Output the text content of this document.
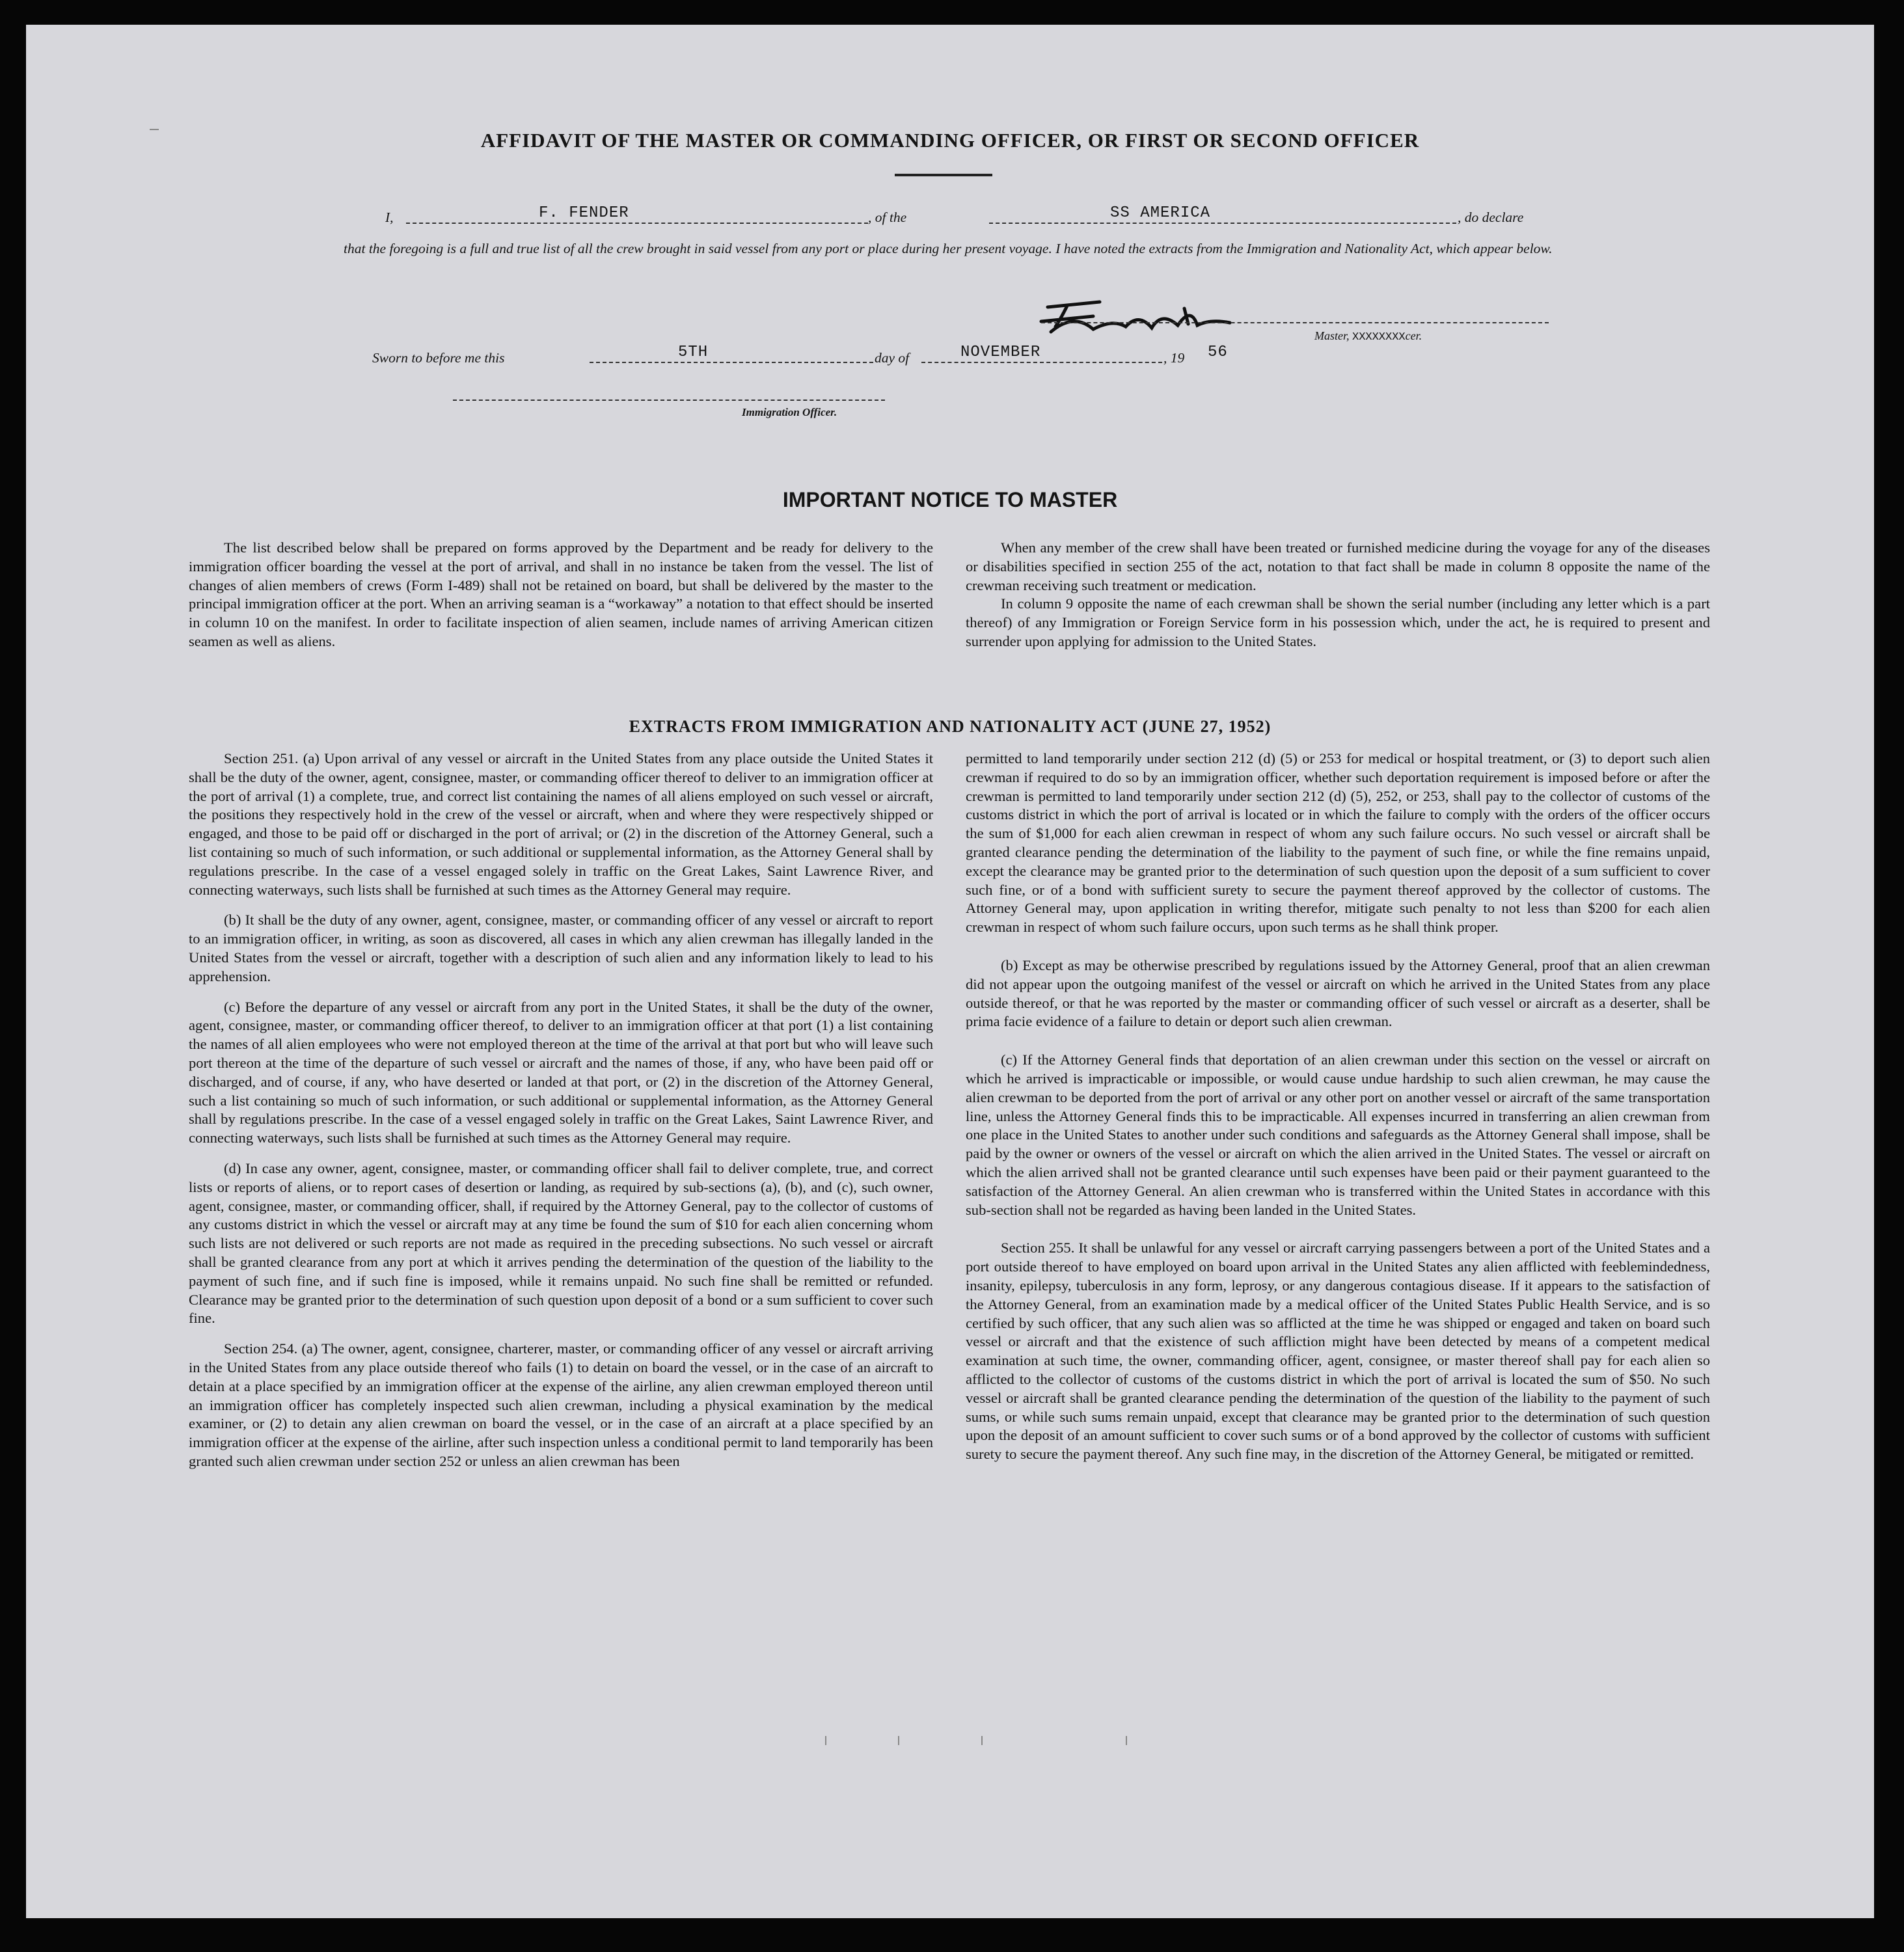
AFFIDAVIT OF THE MASTER OR COMMANDING OFFICER, OR FIRST OR SECOND OFFICER
I,	F. FENDER	, of the	SS AMERICA	, do declare
that the foregoing is a full and true list of all the crew brought in said vessel from any port or place during her present voyage. I have noted the extracts from the Immigration and Nationality Act, which appear below.
Master, XXXXXXXXcer.
Sworn to before me this	5TH	day of	NOVEMBER	, 19 56
Immigration Officer.
IMPORTANT NOTICE TO MASTER

The list described below shall be prepared on forms approved by the Department and be ready for delivery to the immigration officer boarding the vessel at the port of arrival, and shall in no instance be taken from the vessel. The list of changes of alien members of crews (Form I-489) shall not be retained on board, but shall be delivered by the master to the principal immigration officer at the port. When an arriving seaman is a “workaway” a notation to that effect should be inserted in column 10 on the manifest. In order to facilitate inspection of alien seamen, include names of arriving American citizen seamen as well as aliens.

When any member of the crew shall have been treated or furnished medicine during the voyage for any of the diseases or disabilities specified in section 255 of the act, notation to that fact shall be made in column 8 opposite the name of the crewman receiving such treatment or medication.

In column 9 opposite the name of each crewman shall be shown the serial number (including any letter which is a part thereof) of any Immigration or Foreign Service form in his possession which, under the act, he is required to present and surrender upon applying for admission to the United States.

EXTRACTS FROM IMMIGRATION AND NATIONALITY ACT (JUNE 27, 1952)

Section 251. (a) Upon arrival of any vessel or aircraft in the United States from any place outside the United States it shall be the duty of the owner, agent, consignee, master, or commanding officer thereof to deliver to an immigration officer at the port of arrival (1) a complete, true, and correct list containing the names of all aliens employed on such vessel or aircraft, the positions they respectively hold in the crew of the vessel or aircraft, when and where they were respectively shipped or engaged, and those to be paid off or discharged in the port of arrival; or (2) in the discretion of the Attorney General, such a list containing so much of such information, or such additional or supplemental information, as the Attorney General shall by regulations prescribe. In the case of a vessel engaged solely in traffic on the Great Lakes, Saint Lawrence River, and connecting waterways, such lists shall be furnished at such times as the Attorney General may require.

(b) It shall be the duty of any owner, agent, consignee, master, or commanding officer of any vessel or aircraft to report to an immigration officer, in writing, as soon as discovered, all cases in which any alien crewman has illegally landed in the United States from the vessel or aircraft, together with a description of such alien and any information likely to lead to his apprehension.

(c) Before the departure of any vessel or aircraft from any port in the United States, it shall be the duty of the owner, agent, consignee, master, or commanding officer thereof, to deliver to an immigration officer at that port (1) a list containing the names of all alien employees who were not employed thereon at the time of the arrival at that port but who will leave such port thereon at the time of the departure of such vessel or aircraft and the names of those, if any, who have been paid off or discharged, and of course, if any, who have deserted or landed at that port, or (2) in the discretion of the Attorney General, such a list containing so much of such information, or such additional or supplemental information, as the Attorney General shall by regulations prescribe. In the case of a vessel engaged solely in traffic on the Great Lakes, Saint Lawrence River, and connecting waterways, such lists shall be furnished at such times as the Attorney General may require.

(d) In case any owner, agent, consignee, master, or commanding officer shall fail to deliver complete, true, and correct lists or reports of aliens, or to report cases of desertion or landing, as required by sub-sections (a), (b), and (c), such owner, agent, consignee, master, or commanding officer, shall, if required by the Attorney General, pay to the collector of customs of any customs district in which the vessel or aircraft may at any time be found the sum of $10 for each alien concerning whom such lists are not delivered or such reports are not made as required in the preceding subsections. No such vessel or aircraft shall be granted clearance from any port at which it arrives pending the determination of the question of the liability to the payment of such fine, and if such fine is imposed, while it remains unpaid. No such fine shall be remitted or refunded. Clearance may be granted prior to the determination of such question upon deposit of a bond or a sum sufficient to cover such fine.

Section 254. (a) The owner, agent, consignee, charterer, master, or commanding officer of any vessel or aircraft arriving in the United States from any place outside thereof who fails (1) to detain on board the vessel, or in the case of an aircraft to detain at a place specified by an immigration officer at the expense of the airline, any alien crewman employed thereon until an immigration officer has completely inspected such alien crewman, including a physical examination by the medical examiner, or (2) to detain any alien crewman on board the vessel, or in the case of an aircraft at a place specified by an immigration officer at the expense of the airline, after such inspection unless a conditional permit to land temporarily has been granted such alien crewman under section 252 or unless an alien crewman has been

permitted to land temporarily under section 212 (d) (5) or 253 for medical or hospital treatment, or (3) to deport such alien crewman if required to do so by an immigration officer, whether such deportation requirement is imposed before or after the crewman is permitted to land temporarily under section 212 (d) (5), 252, or 253, shall pay to the collector of customs of the customs district in which the port of arrival is located or in which the failure to comply with the orders of the officer occurs the sum of $1,000 for each alien crewman in respect of whom any such failure occurs. No such vessel or aircraft shall be granted clearance pending the determination of the liability to the payment of such fine, or while the fine remains unpaid, except the clearance may be granted prior to the determination of such question upon the deposit of a sum sufficient to cover such fine, or of a bond with sufficient surety to secure the payment thereof approved by the collector of customs. The Attorney General may, upon application in writing therefor, mitigate such penalty to not less than $200 for each alien crewman in respect of whom such failure occurs, upon such terms as he shall think proper.

(b) Except as may be otherwise prescribed by regulations issued by the Attorney General, proof that an alien crewman did not appear upon the outgoing manifest of the vessel or aircraft on which he arrived in the United States from any place outside thereof, or that he was reported by the master or commanding officer of such vessel or aircraft as a deserter, shall be prima facie evidence of a failure to detain or deport such alien crewman.

(c) If the Attorney General finds that deportation of an alien crewman under this section on the vessel or aircraft on which he arrived is impracticable or impossible, or would cause undue hardship to such alien crewman, he may cause the alien crewman to be deported from the port of arrival or any other port on another vessel or aircraft of the same transportation line, unless the Attorney General finds this to be impracticable. All expenses incurred in transferring an alien crewman from one place in the United States to another under such conditions and safeguards as the Attorney General shall impose, shall be paid by the owner or owners of the vessel or aircraft on which the alien arrived in the United States. The vessel or aircraft on which the alien arrived shall not be granted clearance until such expenses have been paid or their payment guaranteed to the satisfaction of the Attorney General. An alien crewman who is transferred within the United States in accordance with this sub-section shall not be regarded as having been landed in the United States.

Section 255. It shall be unlawful for any vessel or aircraft carrying passengers between a port of the United States and a port outside thereof to have employed on board upon arrival in the United States any alien afflicted with feeblemindedness, insanity, epilepsy, tuberculosis in any form, leprosy, or any dangerous contagious disease. If it appears to the satisfaction of the Attorney General, from an examination made by a medical officer of the United States Public Health Service, and is so certified by such officer, that any such alien was so afflicted at the time he was shipped or engaged and taken on board such vessel or aircraft and that the existence of such affliction might have been detected by means of a competent medical examination at such time, the owner, commanding officer, agent, consignee, or master thereof shall pay for each alien so afflicted to the collector of customs of the customs district in which the port of arrival is located the sum of $50. No such vessel or aircraft shall be granted clearance pending the determination of the question of the liability to the payment of such sums, or while such sums remain unpaid, except that clearance may be granted prior to the determination of such question upon the deposit of an amount sufficient to cover such sums or of a bond approved by the collector of customs with sufficient surety to secure the payment thereof. Any such fine may, in the discretion of the Attorney General, be mitigated or remitted.
